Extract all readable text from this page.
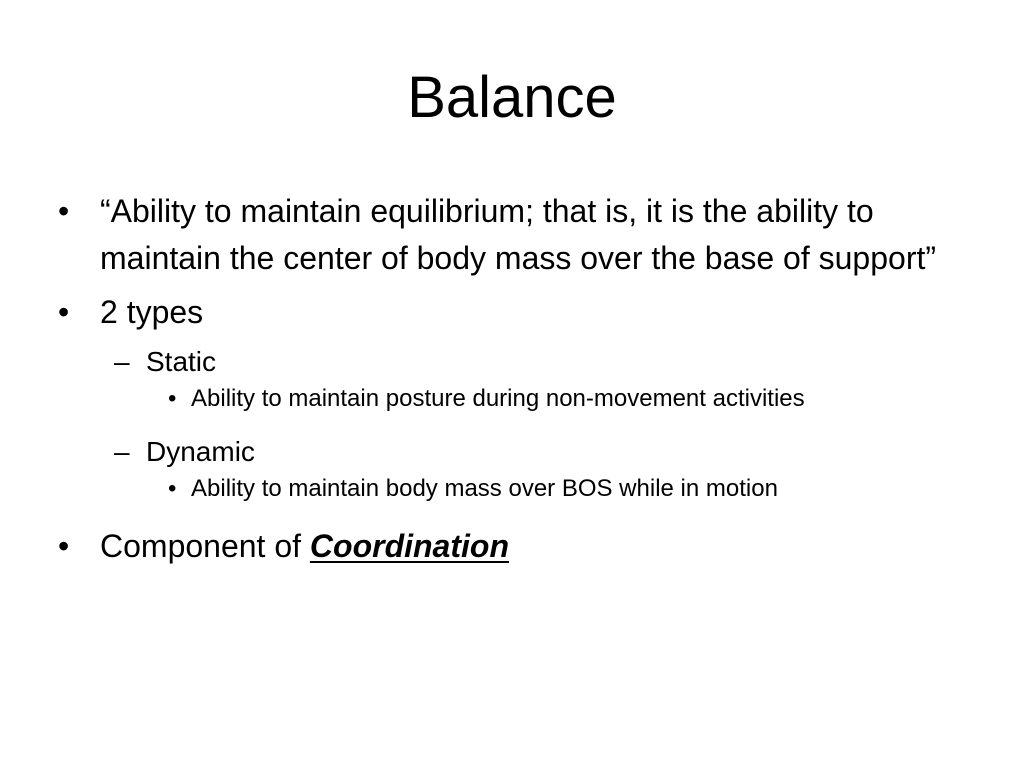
Balance
• “Ability to maintain equilibrium; that is, it is the ability to maintain the center of body mass over the base of support”
• 2 types
– Static
• Ability to maintain posture during non-movement activities
– Dynamic
• Ability to maintain body mass over BOS while in motion
• Component of Coordination
